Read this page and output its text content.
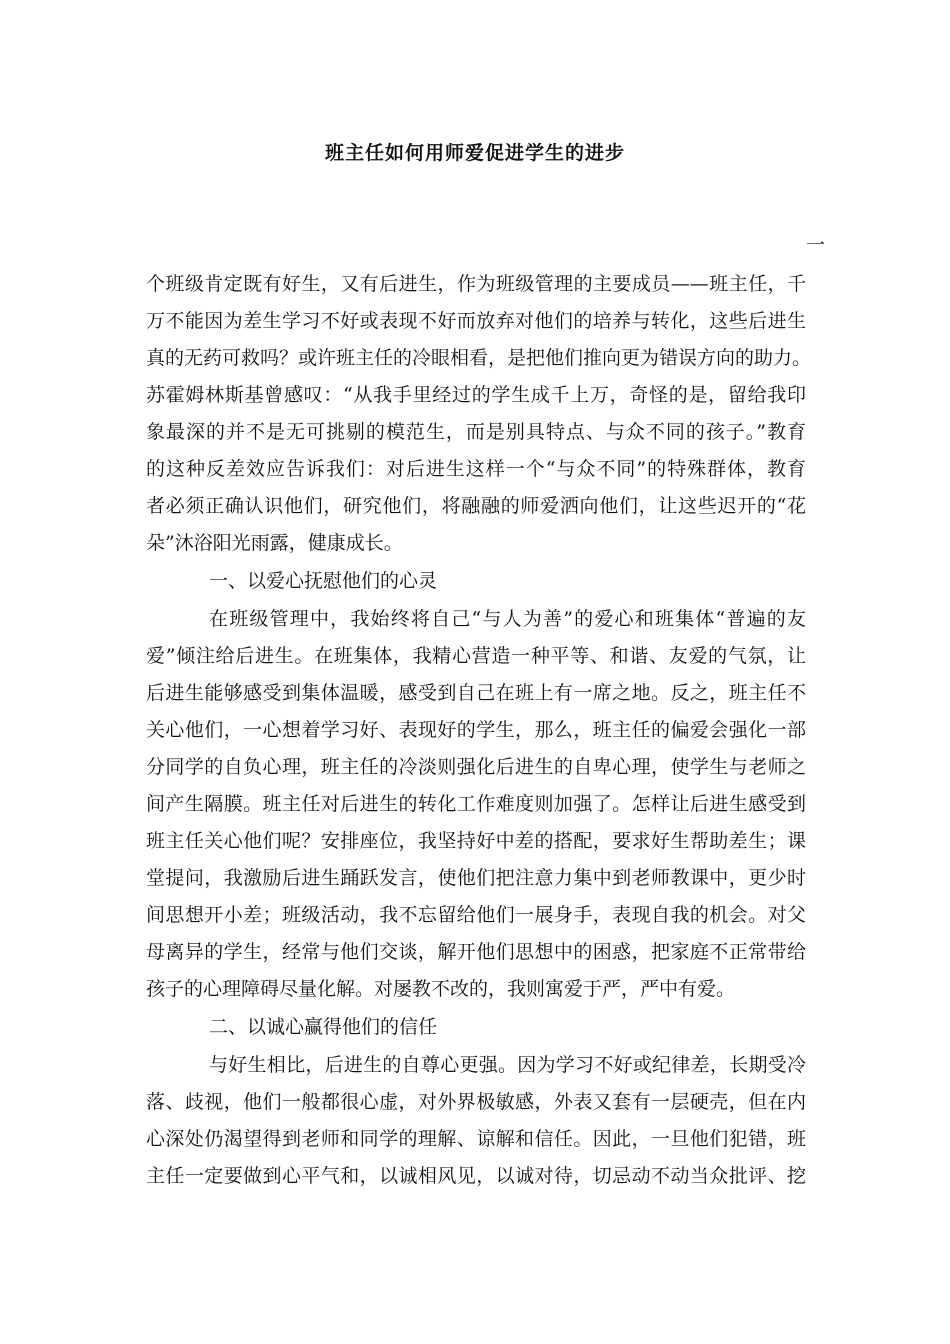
班主任如何用师爱促进学生的进步

一

个班级肯定既有好生，又有后进生，作为班级管理的主要成员——班主任，千

万不能因为差生学习不好或表现不好而放弃对他们的培养与转化，这些后进生

真的无药可救吗？或许班主任的冷眼相看，是把他们推向更为错误方向的助力。

苏霍姆林斯基曾感叹：“从我手里经过的学生成千上万，奇怪的是，留给我印

象最深的并不是无可挑剔的模范生，而是别具特点、与众不同的孩子。”教育

的这种反差效应告诉我们：对后进生这样一个“与众不同”的特殊群体，教育

者必须正确认识他们，研究他们，将融融的师爱洒向他们，让这些迟开的“花

朵”沐浴阳光雨露，健康成长。

一、以爱心抚慰他们的心灵

在班级管理中，我始终将自己“与人为善”的爱心和班集体“普遍的友

爱”倾注给后进生。在班集体，我精心营造一种平等、和谐、友爱的气氛，让

后进生能够感受到集体温暖，感受到自己在班上有一席之地。反之，班主任不

关心他们，一心想着学习好、表现好的学生，那么，班主任的偏爱会强化一部

分同学的自负心理，班主任的冷淡则强化后进生的自卑心理，使学生与老师之

间产生隔膜。班主任对后进生的转化工作难度则加强了。怎样让后进生感受到

班主任关心他们呢？安排座位，我坚持好中差的搭配，要求好生帮助差生；课

堂提问，我激励后进生踊跃发言，使他们把注意力集中到老师教课中，更少时

间思想开小差；班级活动，我不忘留给他们一展身手，表现自我的机会。对父

母离异的学生，经常与他们交谈，解开他们思想中的困惑，把家庭不正常带给

孩子的心理障碍尽量化解。对屡教不改的，我则寓爱于严，严中有爱。

二、以诚心赢得他们的信任

与好生相比，后进生的自尊心更强。因为学习不好或纪律差，长期受冷

落、歧视，他们一般都很心虚，对外界极敏感，外表又套有一层硬壳，但在内

心深处仍渴望得到老师和同学的理解、谅解和信任。因此，一旦他们犯错，班

主任一定要做到心平气和，以诚相风见，以诚对待，切忌动不动当众批评、挖
